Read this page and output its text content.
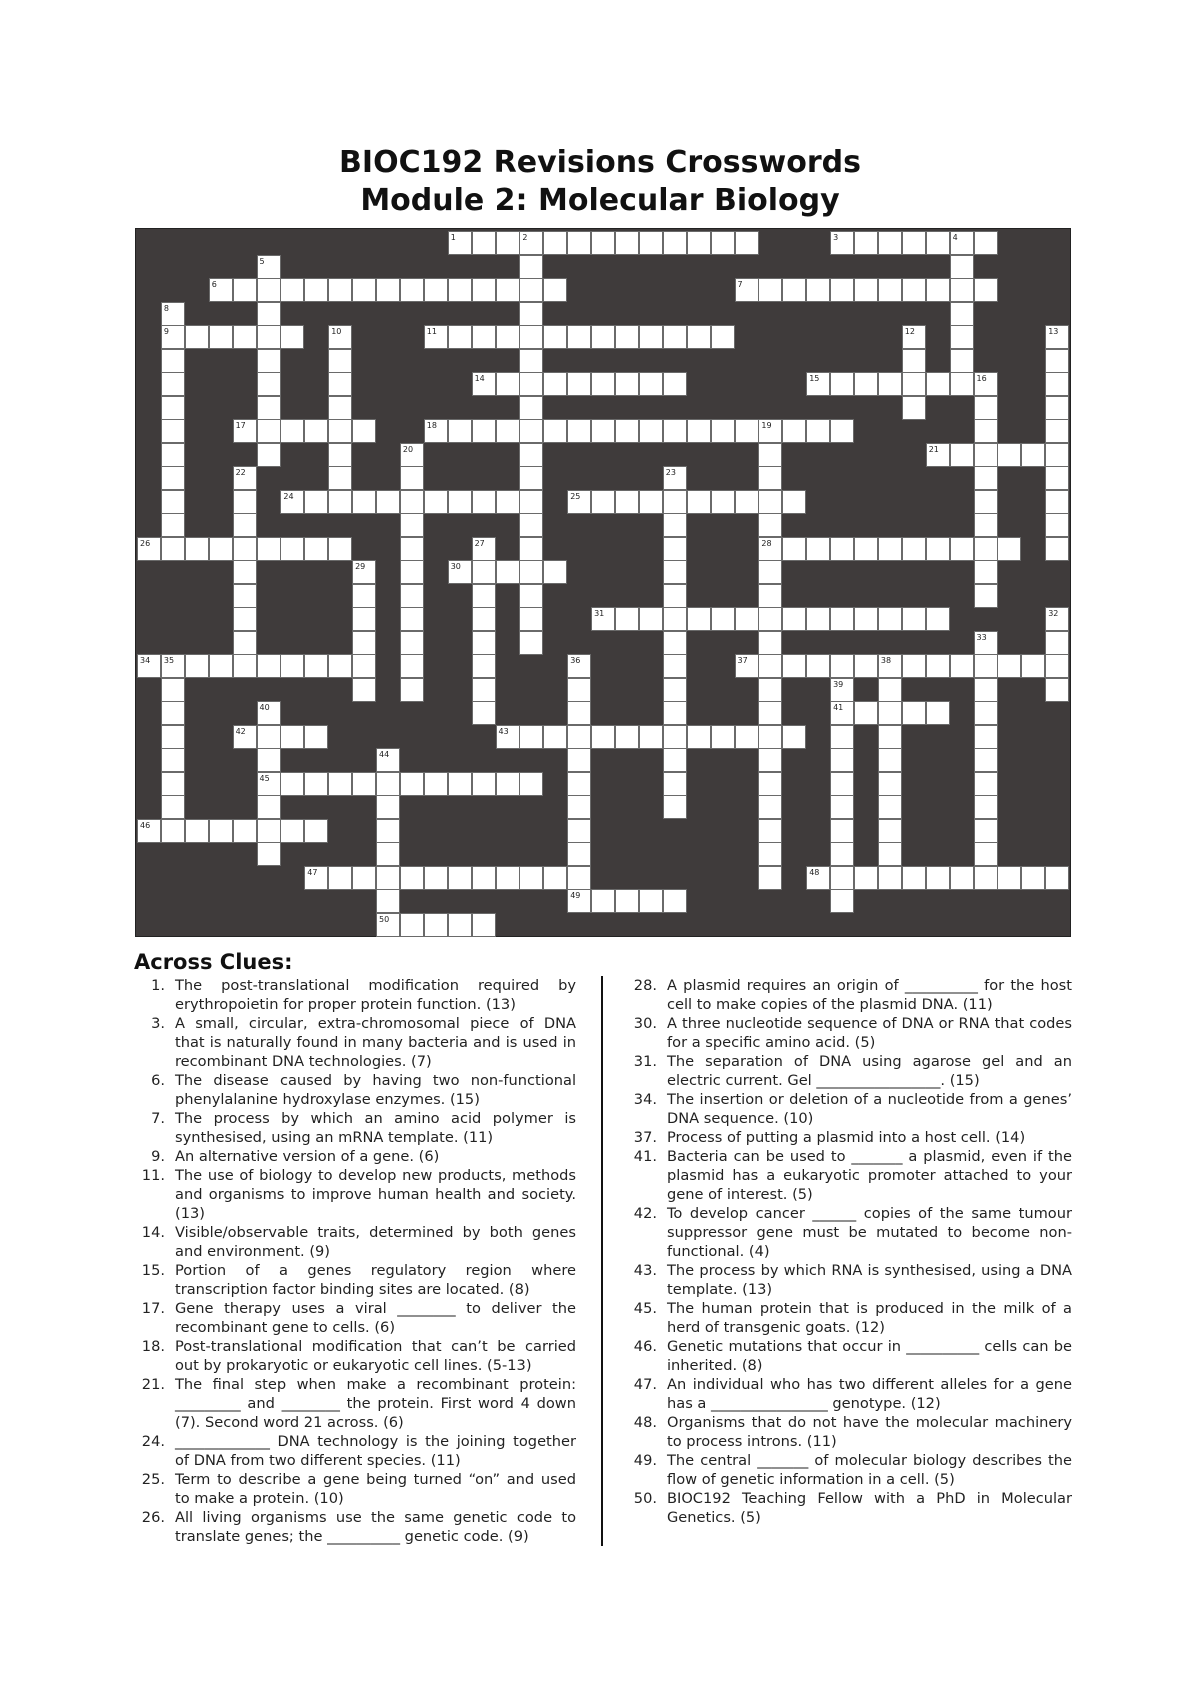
BIOC192 Revisions Crosswords
Module 2: Molecular Biology
1	2	3	4
5
6	7
8
9	10	11	12	13
14	15	16
17	18	19
28
20	21
22	23
24	25
26	27
29	30
31	32
33
34 35	36
49
37	38
39
41
40
45
42	43
44
50
46
47	48
Across Clues:
1. The post-translational modification required by erythropoietin for proper protein function. (13)
3. A small, circular, extra-chromosomal piece of DNA that is naturally found in many bacteria and is used in recombinant DNA technologies. (7)
6. The disease caused by having two non-functional phenylalanine hydroxylase enzymes. (15)
7. The process by which an amino acid polymer is synthesised, using an mRNA template. (11)
9. An alternative version of a gene. (6)
11. The use of biology to develop new products, methods and organisms to improve human health and society. (13)
14. Visible/observable traits, determined by both genes and environment. (9)
15. Portion of a genes regulatory region where transcription factor binding sites are located. (8)
17. Gene therapy uses a viral ________ to deliver the recombinant gene to cells. (6)
18. Post-translational modification that can’t be carried out by prokaryotic or eukaryotic cell lines. (5-13)
21. The final step when make a recombinant protein: _________ and ________ the protein. First word 4 down (7). Second word 21 across. (6)
24. _____________ DNA technology is the joining together of DNA from two different species. (11)
25. Term to describe a gene being turned “on” and used to make a protein. (10)
26. All living organisms use the same genetic code to translate genes; the __________ genetic code. (9)
28. A plasmid requires an origin of __________ for the host cell to make copies of the plasmid DNA. (11)
30. A three nucleotide sequence of DNA or RNA that codes for a specific amino acid. (5)
31. The separation of DNA using agarose gel and an electric current. Gel _________________. (15)
34. The insertion or deletion of a nucleotide from a genes’ DNA sequence. (10)
37. Process of putting a plasmid into a host cell. (14)
41. Bacteria can be used to _______ a plasmid, even if the plasmid has a eukaryotic promoter attached to your gene of interest. (5)
42. To develop cancer ______ copies of the same tumour suppressor gene must be mutated to become non-functional. (4)
43. The process by which RNA is synthesised, using a DNA template. (13)
45. The human protein that is produced in the milk of a herd of transgenic goats. (12)
46. Genetic mutations that occur in __________ cells can be inherited. (8)
47. An individual who has two different alleles for a gene has a ________________ genotype. (12)
48. Organisms that do not have the molecular machinery to process introns. (11)
49. The central _______ of molecular biology describes the flow of genetic information in a cell. (5)
50. BIOC192 Teaching Fellow with a PhD in Molecular Genetics. (5)
